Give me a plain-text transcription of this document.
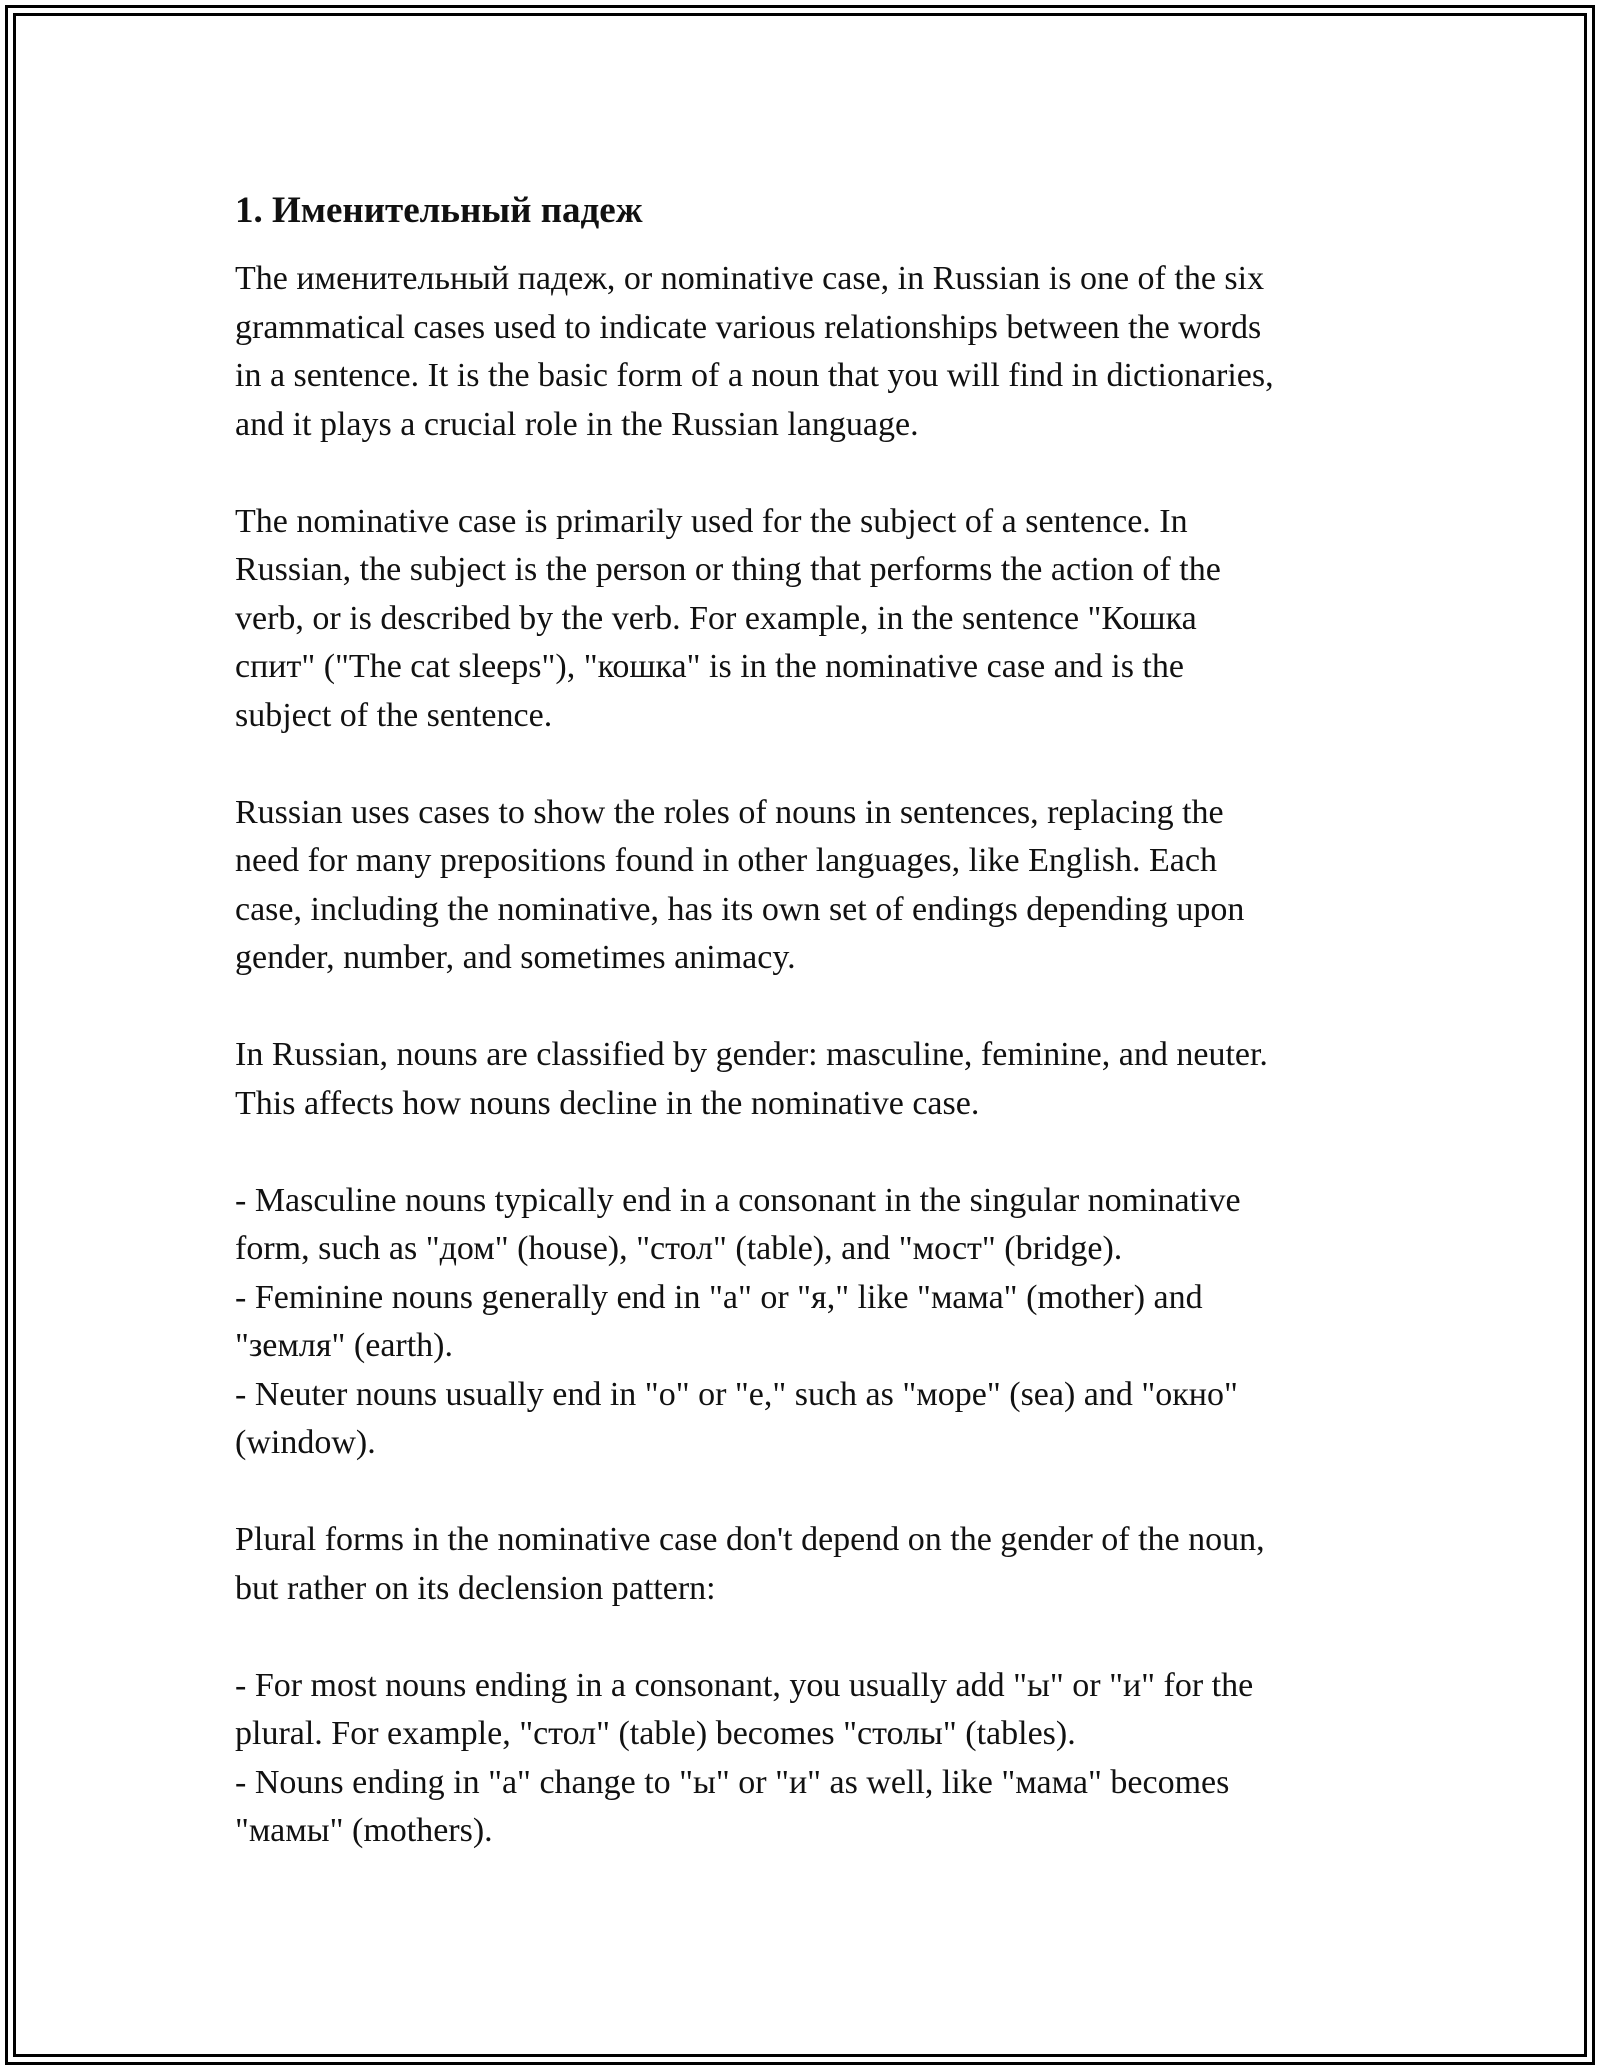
1. Именительный падеж
The именительный падеж, or nominative case, in Russian is one of the six
grammatical cases used to indicate various relationships between the words
in a sentence. It is the basic form of a noun that you will find in dictionaries,
and it plays a crucial role in the Russian language.
The nominative case is primarily used for the subject of a sentence. In
Russian, the subject is the person or thing that performs the action of the
verb, or is described by the verb. For example, in the sentence "Кошка
спит" ("The cat sleeps"), "кошка" is in the nominative case and is the
subject of the sentence.
Russian uses cases to show the roles of nouns in sentences, replacing the
need for many prepositions found in other languages, like English. Each
case, including the nominative, has its own set of endings depending upon
gender, number, and sometimes animacy.
In Russian, nouns are classified by gender: masculine, feminine, and neuter.
This affects how nouns decline in the nominative case.
- Masculine nouns typically end in a consonant in the singular nominative
form, such as "дом" (house), "стол" (table), and "мост" (bridge).
- Feminine nouns generally end in "а" or "я," like "мама" (mother) and
"земля" (earth).
- Neuter nouns usually end in "о" or "е," such as "море" (sea) and "окно"
(window).
Plural forms in the nominative case don't depend on the gender of the noun,
but rather on its declension pattern:
- For most nouns ending in a consonant, you usually add "ы" or "и" for the
plural. For example, "стол" (table) becomes "столы" (tables).
- Nouns ending in "а" change to "ы" or "и" as well, like "мама" becomes
"мамы" (mothers).
